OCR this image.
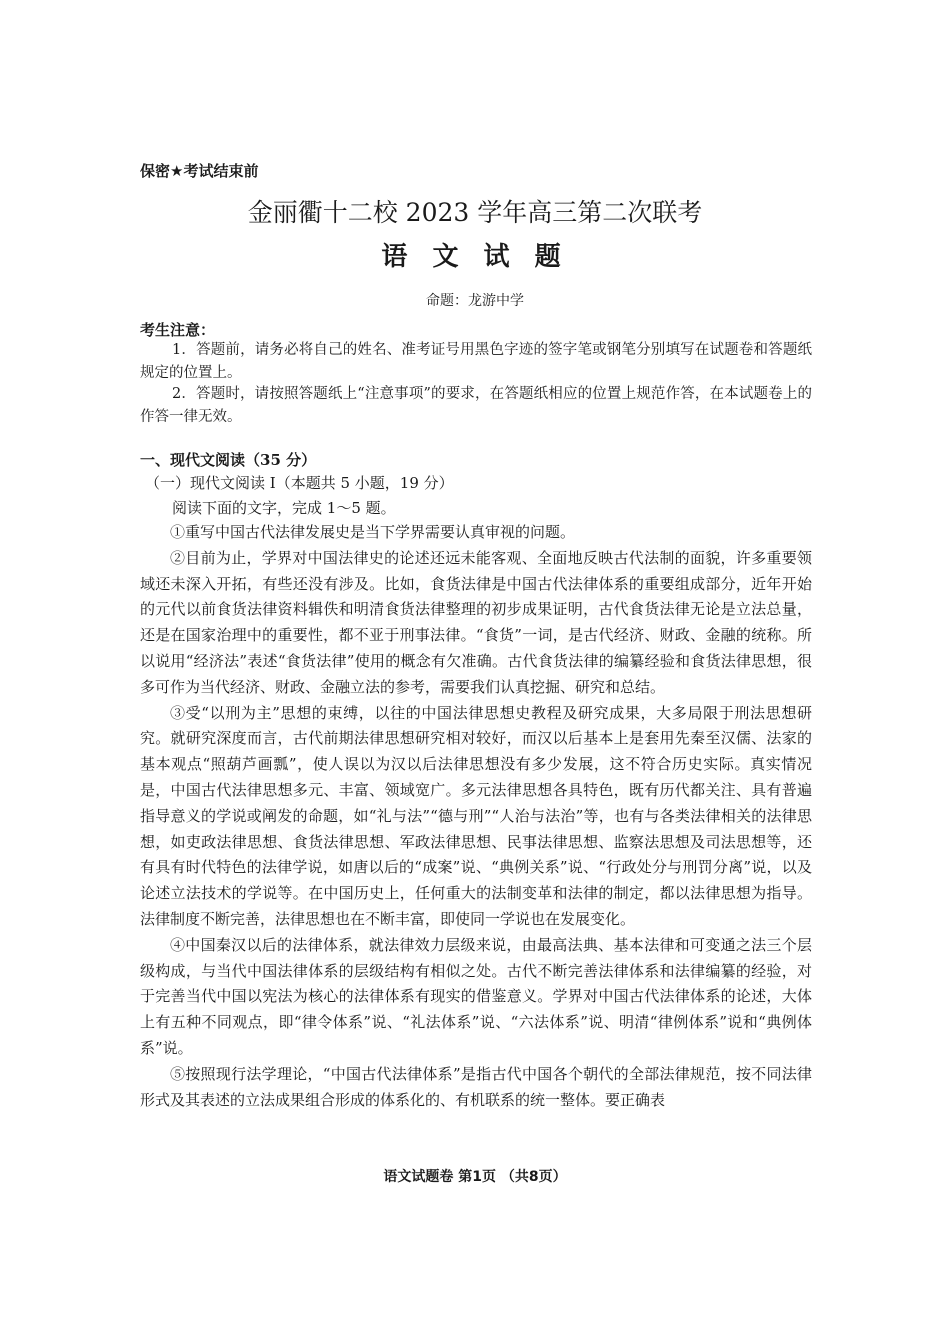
保密★考试结束前
金丽衢十二校 2023 学年高三第二次联考
语 文 试 题
命题：龙游中学
考生注意：
1．答题前，请务必将自己的姓名、准考证号用黑色字迹的签字笔或钢笔分别填写在试题卷和答题纸规定的位置上。
2．答题时，请按照答题纸上“注意事项”的要求，在答题纸相应的位置上规范作答，在本试题卷上的作答一律无效。
一、现代文阅读（35 分）
（一）现代文阅读 I（本题共 5 小题，19 分）
阅读下面的文字，完成 1～5 题。

①重写中国古代法律发展史是当下学界需要认真审视的问题。

②目前为止，学界对中国法律史的论述还远未能客观、全面地反映古代法制的面貌，许多重要领域还未深入开拓，有些还没有涉及。比如，食货法律是中国古代法律体系的重要组成部分，近年开始的元代以前食货法律资料辑佚和明清食货法律整理的初步成果证明，古代食货法律无论是立法总量，还是在国家治理中的重要性，都不亚于刑事法律。“食货”一词，是古代经济、财政、金融的统称。所以说用“经济法”表述“食货法律”使用的概念有欠准确。古代食货法律的编纂经验和食货法律思想，很多可作为当代经济、财政、金融立法的参考，需要我们认真挖掘、研究和总结。

③受“以刑为主”思想的束缚，以往的中国法律思想史教程及研究成果，大多局限于刑法思想研究。就研究深度而言，古代前期法律思想研究相对较好，而汉以后基本上是套用先秦至汉儒、法家的基本观点“照葫芦画瓢”，使人误以为汉以后法律思想没有多少发展，这不符合历史实际。真实情况是，中国古代法律思想多元、丰富、领域宽广。多元法律思想各具特色，既有历代都关注、具有普遍指导意义的学说或阐发的命题，如“礼与法”“德与刑”“人治与法治”等，也有与各类法律相关的法律思想，如吏政法律思想、食货法律思想、军政法律思想、民事法律思想、监察法思想及司法思想等，还有具有时代特色的法律学说，如唐以后的“成案”说、“典例关系”说、“行政处分与刑罚分离”说，以及论述立法技术的学说等。在中国历史上，任何重大的法制变革和法律的制定，都以法律思想为指导。法律制度不断完善，法律思想也在不断丰富，即使同一学说也在发展变化。

④中国秦汉以后的法律体系，就法律效力层级来说，由最高法典、基本法律和可变通之法三个层级构成，与当代中国法律体系的层级结构有相似之处。古代不断完善法律体系和法律编纂的经验，对于完善当代中国以宪法为核心的法律体系有现实的借鉴意义。学界对中国古代法律体系的论述，大体上有五种不同观点，即“律令体系”说、“礼法体系”说、“六法体系”说、明清“律例体系”说和“典例体系”说。

⑤按照现行法学理论，“中国古代法律体系”是指古代中国各个朝代的全部法律规范，按不同法律形式及其表述的立法成果组合形成的体系化的、有机联系的统一整体。要正确表

语文试题卷 第1页 （共8页）
